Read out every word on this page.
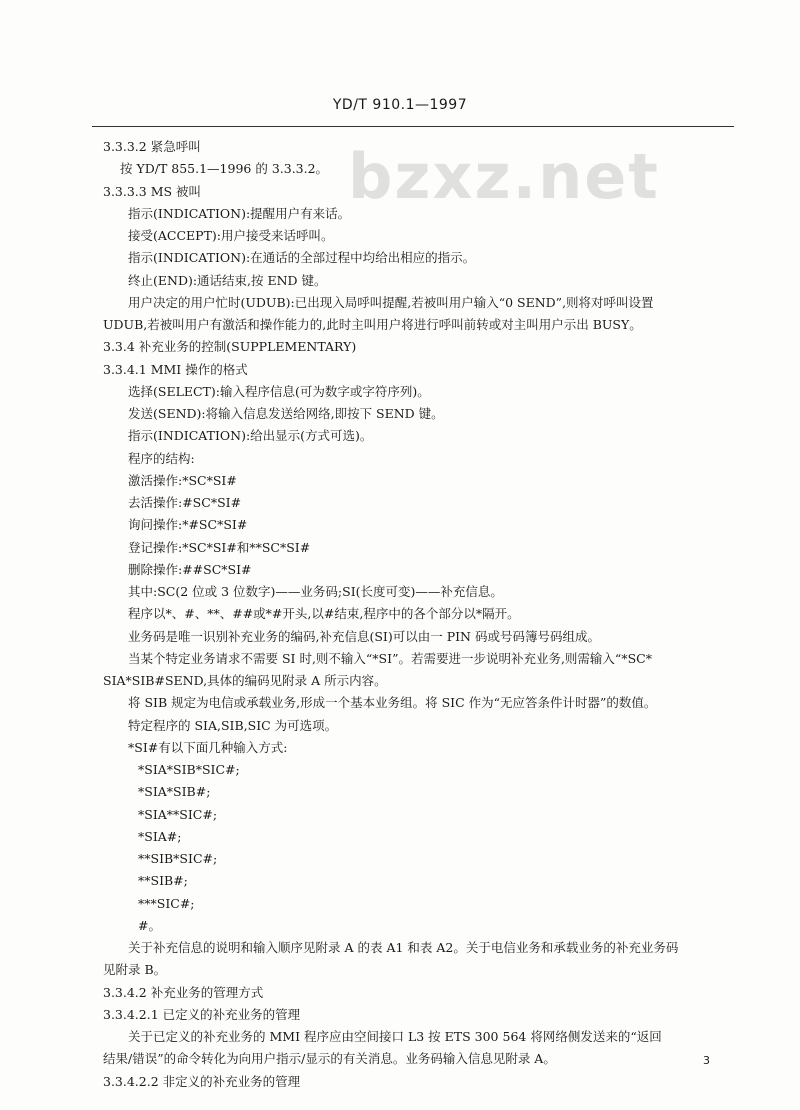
YD/T 910.1—1997
bzxz.net
3.3.3.2 紧急呼叫
按 YD/T 855.1—1996 的 3.3.3.2。
3.3.3.3 MS 被叫
指示(INDICATION):提醒用户有来话。
接受(ACCEPT):用户接受来话呼叫。
指示(INDICATION):在通话的全部过程中均给出相应的指示。
终止(END):通话结束,按 END 键。
用户决定的用户忙时(UDUB):已出现入局呼叫提醒,若被叫用户输入“0 SEND”,则将对呼叫设置
UDUB,若被叫用户有激活和操作能力的,此时主叫用户将进行呼叫前转或对主叫用户示出 BUSY。
3.3.4 补充业务的控制(SUPPLEMENTARY)
3.3.4.1 MMI 操作的格式
选择(SELECT):输入程序信息(可为数字或字符序列)。
发送(SEND):将输入信息发送给网络,即按下 SEND 键。
指示(INDICATION):给出显示(方式可选)。
程序的结构:
激活操作:*SC*SI#
去活操作:#SC*SI#
询问操作:*#SC*SI#
登记操作:*SC*SI#和**SC*SI#
删除操作:##SC*SI#
其中:SC(2 位或 3 位数字)——业务码;SI(长度可变)——补充信息。
程序以*、#、**、##或*#开头,以#结束,程序中的各个部分以*隔开。
业务码是唯一识别补充业务的编码,补充信息(SI)可以由一 PIN 码或号码簿号码组成。
当某个特定业务请求不需要 SI 时,则不输入“*SI”。若需要进一步说明补充业务,则需输入“*SC*
SIA*SIB#SEND,具体的编码见附录 A 所示内容。
将 SIB 规定为电信或承载业务,形成一个基本业务组。将 SIC 作为“无应答条件计时器”的数值。
特定程序的 SIA,SIB,SIC 为可选项。
*SI#有以下面几种输入方式:
*SIA*SIB*SIC#;
*SIA*SIB#;
*SIA**SIC#;
*SIA#;
**SIB*SIC#;
**SIB#;
***SIC#;
#。
关于补充信息的说明和输入顺序见附录 A 的表 A1 和表 A2。关于电信业务和承载业务的补充业务码
见附录 B。
3.3.4.2 补充业务的管理方式
3.3.4.2.1 已定义的补充业务的管理
关于已定义的补充业务的 MMI 程序应由空间接口 L3 按 ETS 300 564 将网络侧发送来的“返回
结果/错误”的命令转化为向用户指示/显示的有关消息。业务码输入信息见附录 A。
3.3.4.2.2 非定义的补充业务的管理
3
